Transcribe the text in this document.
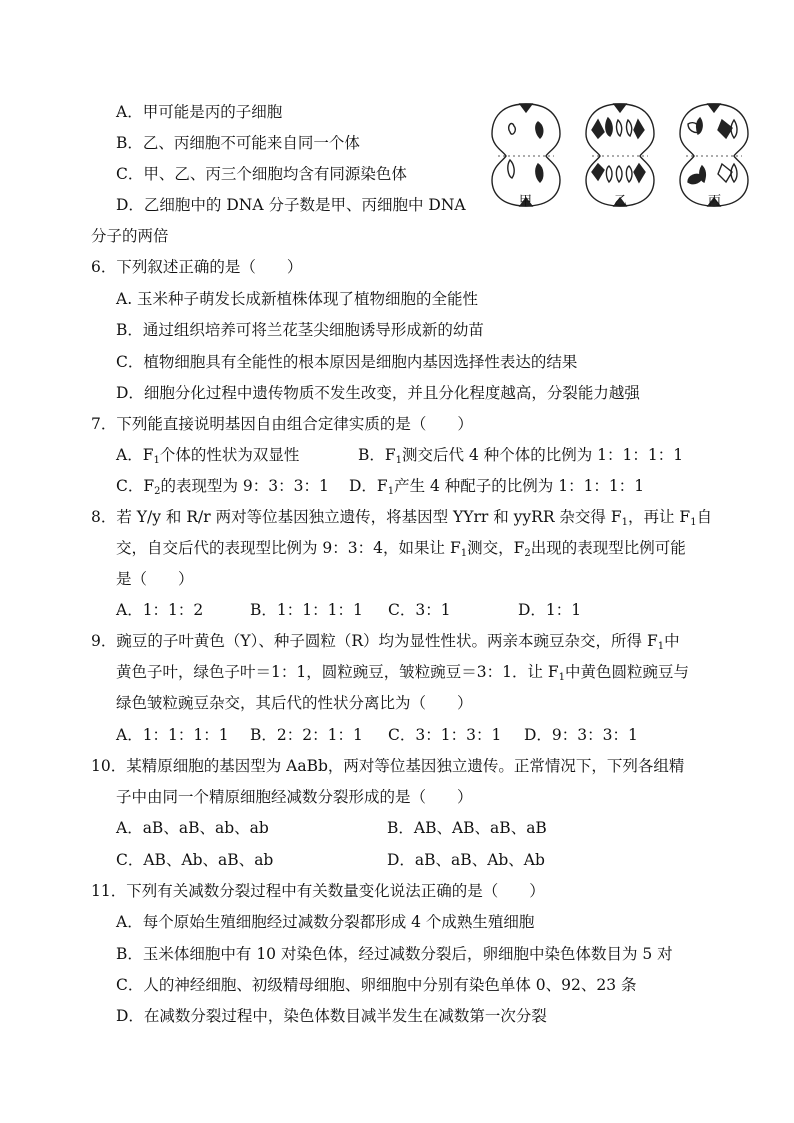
A．甲可能是丙的子细胞
B．乙、丙细胞不可能来自同一个体
C．甲、乙、丙三个细胞均含有同源染色体
D．乙细胞中的 DNA 分子数是甲、丙细胞中 DNA
分子的两倍
甲	乙	丙
6．下列叙述正确的是（　　）
A. 玉米种子萌发长成新植株体现了植物细胞的全能性
B．通过组织培养可将兰花茎尖细胞诱导形成新的幼苗
C．植物细胞具有全能性的根本原因是细胞内基因选择性表达的结果
D．细胞分化过程中遗传物质不发生改变，并且分化程度越高，分裂能力越强
7．下列能直接说明基因自由组合定律实质的是（　　）
A．$F_1$个体的性状为双显性	B．$F_1$测交后代 4 种个体的比例为 1：1：1：1
C．$F_2$的表现型为 9：3：3：1 D．$F_1$产生 4 种配子的比例为 1：1：1：1
8．若 Y/y 和 R/r 两对等位基因独立遗传，将基因型 YYrr 和 yyRR 杂交得 $F_1$，再让 $F_1$自
交，自交后代的表现型比例为 9：3：4，如果让 $F_1$测交，$F_2$出现的表现型比例可能
是（　　）
A．1：1：2	B．1：1：1：1 C．3：1	D．1：1
9．豌豆的子叶黄色（Y）、种子圆粒（R）均为显性性状。两亲本豌豆杂交，所得 $F_1$中
黄色子叶，绿色子叶＝1：1，圆粒豌豆，皱粒豌豆＝3：1．让 $F_1$中黄色圆粒豌豆与
绿色皱粒豌豆杂交，其后代的性状分离比为（　　）
A．1：1：1：1 B．2：2：1：1 C．3：1：3：1 D．9：3：3：1
10．某精原细胞的基因型为 AaBb，两对等位基因独立遗传。正常情况下，下列各组精
子中由同一个精原细胞经减数分裂形成的是（　　）
A．aB、aB、ab、ab	B．AB、AB、aB、aB
C．AB、Ab、aB、ab	D．aB、aB、Ab、Ab
11．下列有关减数分裂过程中有关数量变化说法正确的是（　　）
A．每个原始生殖细胞经过减数分裂都形成 4 个成熟生殖细胞
B．玉米体细胞中有 10 对染色体，经过减数分裂后，卵细胞中染色体数目为 5 对
C．人的神经细胞、初级精母细胞、卵细胞中分别有染色单体 0、92、23 条
D．在减数分裂过程中，染色体数目减半发生在减数第一次分裂
